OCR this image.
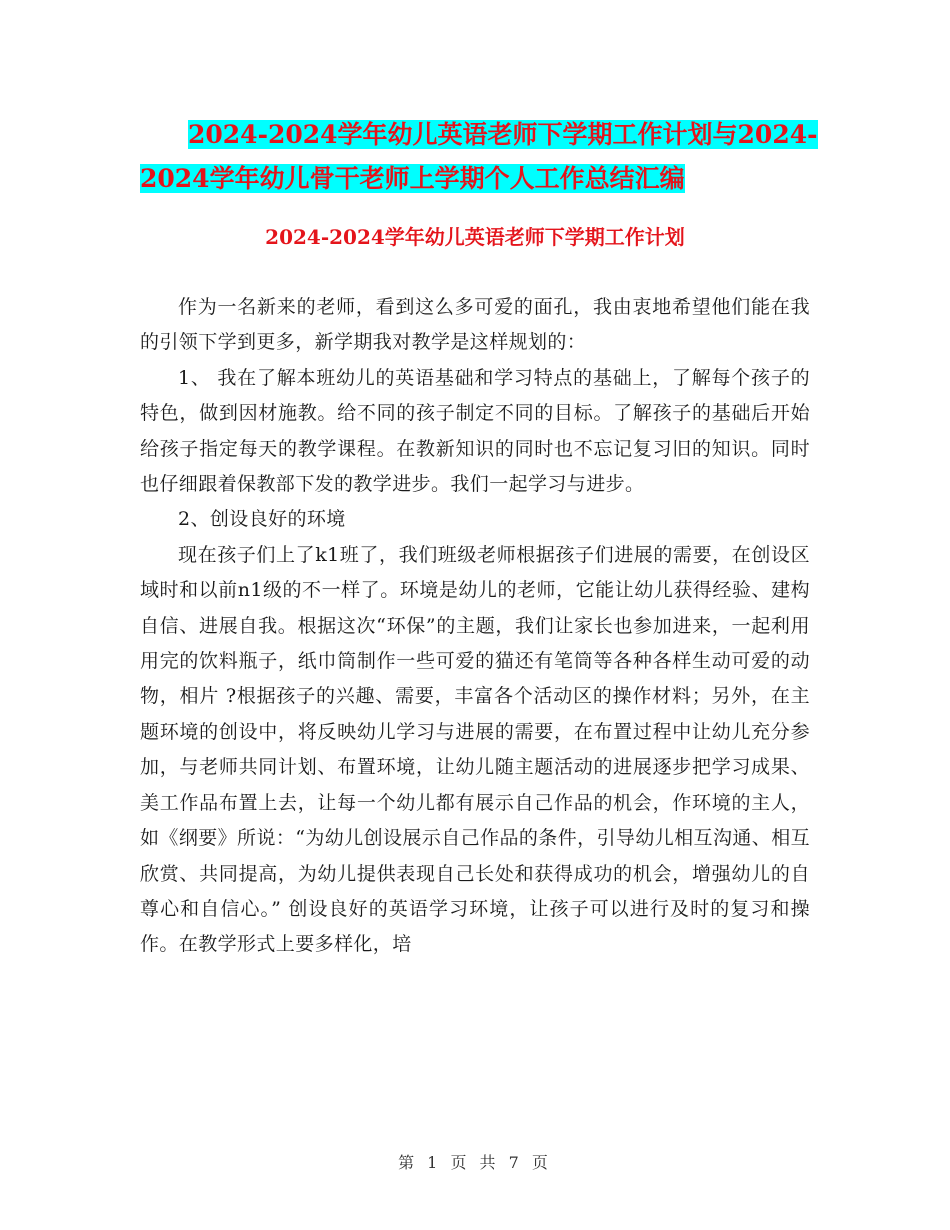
2024-2024学年幼儿英语老师下学期工作计划与2024-
2024学年幼儿骨干老师上学期个人工作总结汇编
2024-2024学年幼儿英语老师下学期工作计划

作为一名新来的老师，看到这么多可爱的面孔，我由衷地希望他们能在我的引领下学到更多，新学期我对教学是这样规划的：

1、 我在了解本班幼儿的英语基础和学习特点的基础上，了解每个孩子的特色，做到因材施教。给不同的孩子制定不同的目标。了解孩子的基础后开始给孩子指定每天的教学课程。在教新知识的同时也不忘记复习旧的知识。同时也仔细跟着保教部下发的教学进步。我们一起学习与进步。

2、创设良好的环境

现在孩子们上了k1班了，我们班级老师根据孩子们进展的需要，在创设区域时和以前n1级的不一样了。环境是幼儿的老师，它能让幼儿获得经验、建构自信、进展自我。根据这次“环保”的主题，我们让家长也参加进来，一起利用用完的饮料瓶子，纸巾筒制作一些可爱的猫还有笔筒等各种各样生动可爱的动物，相片 ?根据孩子的兴趣、需要，丰富各个活动区的操作材料；另外，在主题环境的创设中，将反映幼儿学习与进展的需要，在布置过程中让幼儿充分参加，与老师共同计划、布置环境，让幼儿随主题活动的进展逐步把学习成果、美工作品布置上去，让每一个幼儿都有展示自己作品的机会，作环境的主人，如《纲要》所说：“为幼儿创设展示自己作品的条件，引导幼儿相互沟通、相互欣赏、共同提高，为幼儿提供表现自己长处和获得成功的机会，增强幼儿的自尊心和自信心。” 创设良好的英语学习环境，让孩子可以进行及时的复习和操作。在教学形式上要多样化，培

第 1 页 共 7 页
